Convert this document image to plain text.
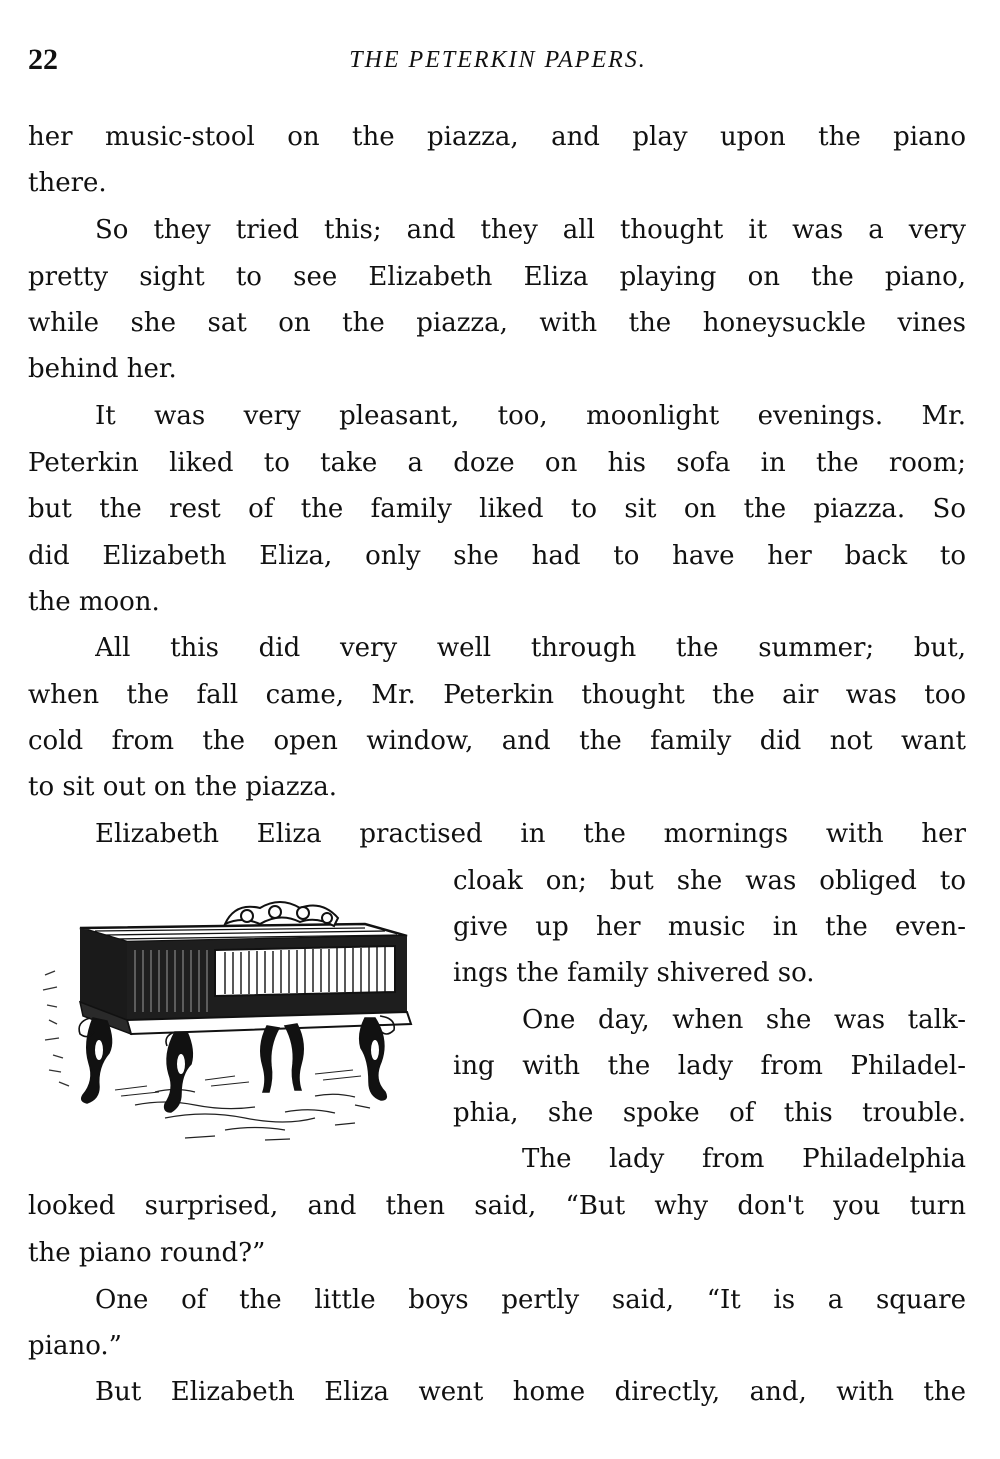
THE PETERKIN PAPERS.
22
her music-stool on the piazza, and play upon the piano
there.
So they tried this; and they all thought it was a very
pretty sight to see Elizabeth Eliza playing on the piano,
while she sat on the piazza, with the honeysuckle vines
behind her.
It was very pleasant, too, moonlight evenings. Mr.
Peterkin liked to take a doze on his sofa in the room;
but the rest of the family liked to sit on the piazza. So
did Elizabeth Eliza, only she had to have her back to
the moon.
All this did very well through the summer; but,
when the fall came, Mr. Peterkin thought the air was too
cold from the open window, and the family did not want
to sit out on the piazza.
Elizabeth Eliza practised in the mornings with her
cloak on; but she was obliged to
give up her music in the even-
ings the family shivered so.
One day, when she was talk-
ing with the lady from Philadel-
phia, she spoke of this trouble.
The lady from Philadelphia
looked surprised, and then said, “But why don't you turn
the piano round?”
One of the little boys pertly said, “It is a square
piano.”
But Elizabeth Eliza went home directly, and, with the
